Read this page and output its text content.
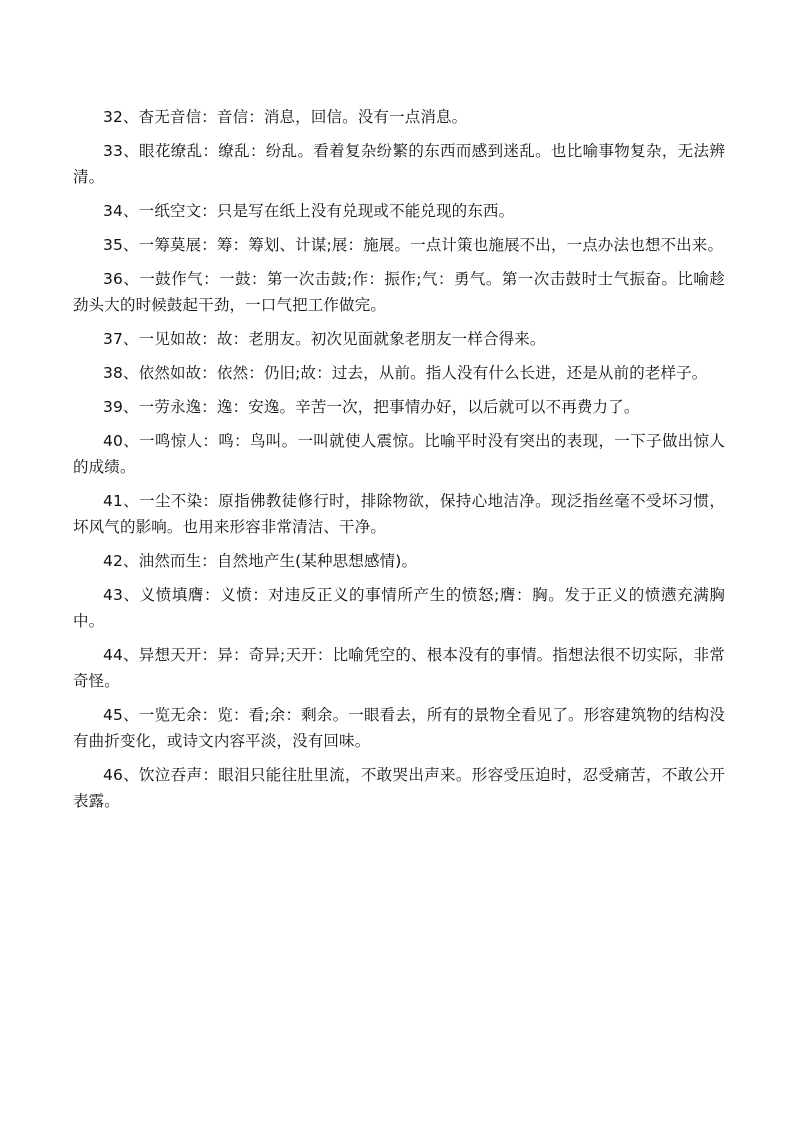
32、杳无音信：音信：消息，回信。没有一点消息。

33、眼花缭乱：缭乱：纷乱。看着复杂纷繁的东西而感到迷乱。也比喻事物复杂，无法辨清。

34、一纸空文：只是写在纸上没有兑现或不能兑现的东西。

35、一筹莫展：筹：筹划、计谋;展：施展。一点计策也施展不出，一点办法也想不出来。

36、一鼓作气：一鼓：第一次击鼓;作：振作;气：勇气。第一次击鼓时士气振奋。比喻趁劲头大的时候鼓起干劲，一口气把工作做完。

37、一见如故：故：老朋友。初次见面就象老朋友一样合得来。

38、依然如故：依然：仍旧;故：过去，从前。指人没有什么长进，还是从前的老样子。

39、一劳永逸：逸：安逸。辛苦一次，把事情办好，以后就可以不再费力了。

40、一鸣惊人：鸣：鸟叫。一叫就使人震惊。比喻平时没有突出的表现，一下子做出惊人的成绩。

41、一尘不染：原指佛教徒修行时，排除物欲，保持心地洁净。现泛指丝毫不受坏习惯，坏风气的影响。也用来形容非常清洁、干净。

42、油然而生：自然地产生(某种思想感情)。

43、义愤填膺：义愤：对违反正义的事情所产生的愤怒;膺：胸。发于正义的愤懑充满胸中。

44、异想天开：异：奇异;天开：比喻凭空的、根本没有的事情。指想法很不切实际，非常奇怪。

45、一览无余：览：看;余：剩余。一眼看去，所有的景物全看见了。形容建筑物的结构没有曲折变化，或诗文内容平淡，没有回味。

46、饮泣吞声：眼泪只能往肚里流，不敢哭出声来。形容受压迫时，忍受痛苦，不敢公开表露。
